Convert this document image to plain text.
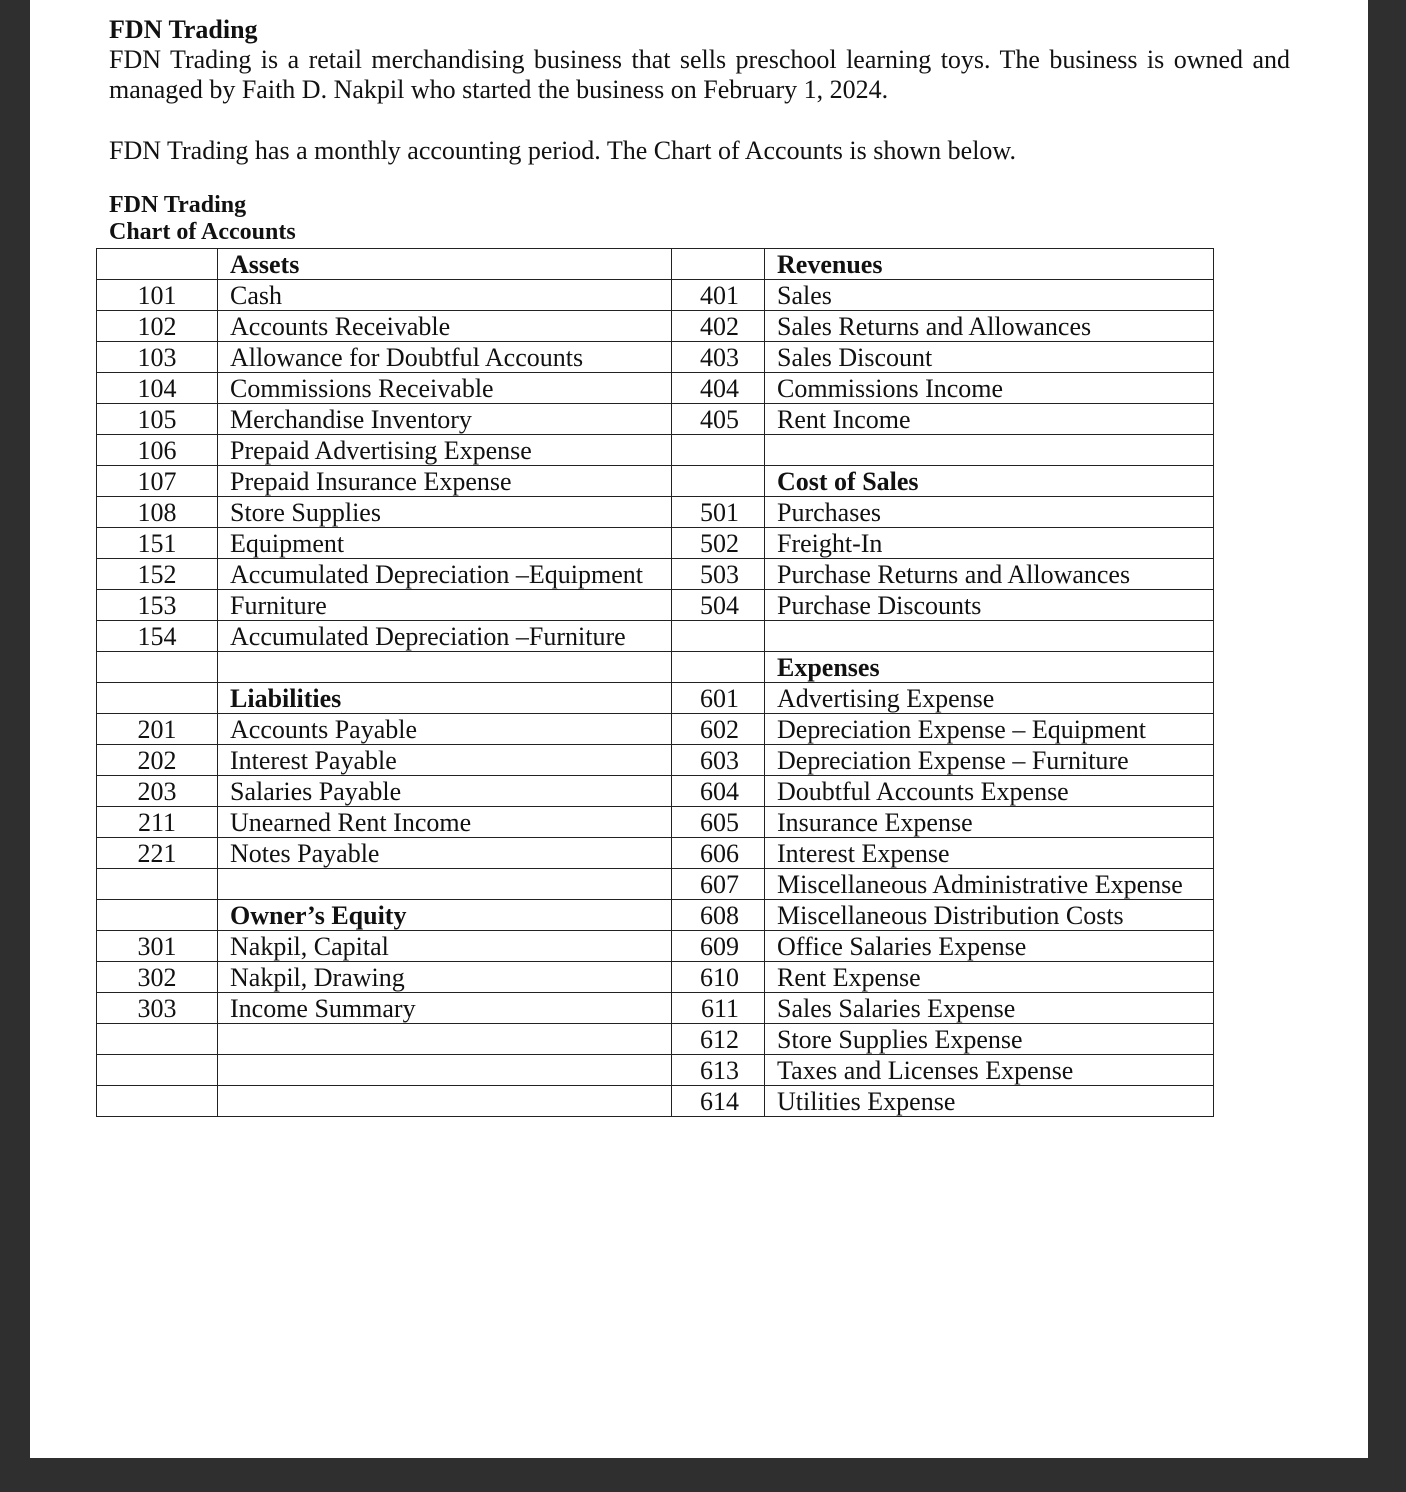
FDN Trading

FDN Trading is a retail merchandising business that sells preschool learning toys. The business is owned and managed by Faith D. Nakpil who started the business on February 1, 2024.

FDN Trading has a monthly accounting period. The Chart of Accounts is shown below.

FDN Trading

Chart of Accounts

	Assets		Revenues
101	Cash	401	Sales
102	Accounts Receivable	402	Sales Returns and Allowances
103	Allowance for Doubtful Accounts	403	Sales Discount
104	Commissions Receivable	404	Commissions Income
105	Merchandise Inventory	405	Rent Income
106	Prepaid Advertising Expense		
107	Prepaid Insurance Expense		Cost of Sales
108	Store Supplies	501	Purchases
151	Equipment	502	Freight-In
152	Accumulated Depreciation –Equipment	503	Purchase Returns and Allowances
153	Furniture	504	Purchase Discounts
154	Accumulated Depreciation –Furniture		
			Expenses
	Liabilities	601	Advertising Expense
201	Accounts Payable	602	Depreciation Expense – Equipment
202	Interest Payable	603	Depreciation Expense – Furniture
203	Salaries Payable	604	Doubtful Accounts Expense
211	Unearned Rent Income	605	Insurance Expense
221	Notes Payable	606	Interest Expense
		607	Miscellaneous Administrative Expense
	Owner’s Equity	608	Miscellaneous Distribution Costs
301	Nakpil, Capital	609	Office Salaries Expense
302	Nakpil, Drawing	610	Rent Expense
303	Income Summary	611	Sales Salaries Expense
		612	Store Supplies Expense
		613	Taxes and Licenses Expense
		614	Utilities Expense
